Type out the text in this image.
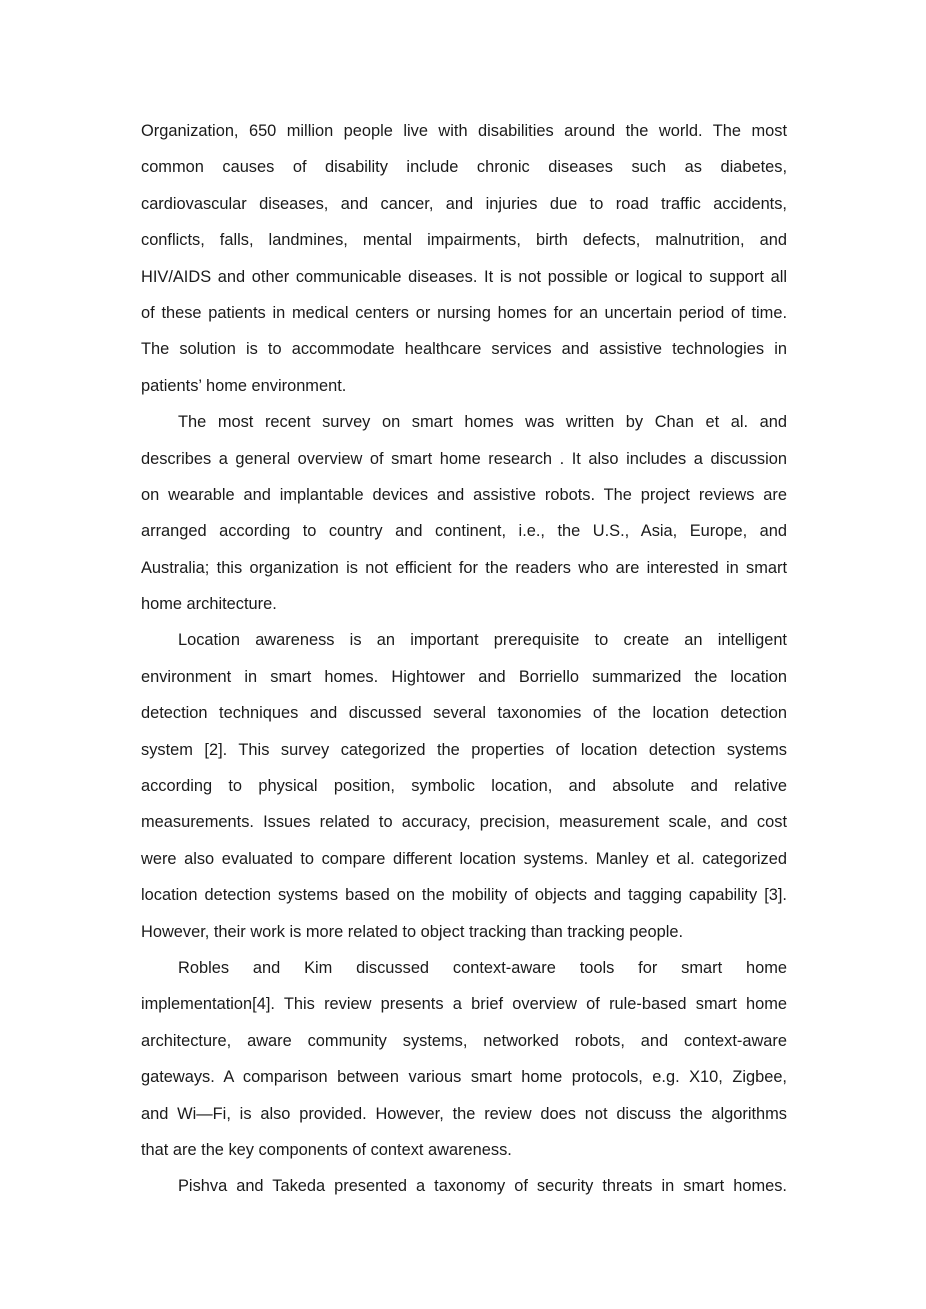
Organization, 650 million people live with disabilities around the world. The most
common causes of disability include chronic diseases such as diabetes,
cardiovascular diseases, and cancer, and injuries due to road traffic accidents,
conflicts, falls, landmines, mental impairments, birth defects, malnutrition, and
HIV/AIDS and other communicable diseases. It is not possible or logical to support all
of these patients in medical centers or nursing homes for an uncertain period of time.
The solution is to accommodate healthcare services and assistive technologies in
patients’ home environment.
The most recent survey on smart homes was written by Chan et al. and
describes a general overview of smart home research . It also includes a discussion
on wearable and implantable devices and assistive robots. The project reviews are
arranged according to country and continent, i.e., the U.S., Asia, Europe, and
Australia; this organization is not efficient for the readers who are interested in smart
home architecture.
Location awareness is an important prerequisite to create an intelligent
environment in smart homes. Hightower and Borriello summarized the location
detection techniques and discussed several taxonomies of the location detection
system [2]. This survey categorized the properties of location detection systems
according to physical position, symbolic location, and absolute and relative
measurements. Issues related to accuracy, precision, measurement scale, and cost
were also evaluated to compare different location systems. Manley et al. categorized
location detection systems based on the mobility of objects and tagging capability [3].
However, their work is more related to object tracking than tracking people.
Robles and Kim discussed context-aware tools for smart home
implementation[4]. This review presents a brief overview of rule-based smart home
architecture, aware community systems, networked robots, and context-aware
gateways. A comparison between various smart home protocols, e.g. X10, Zigbee,
and Wi—Fi, is also provided. However, the review does not discuss the algorithms
that are the key components of context awareness.
Pishva and Takeda presented a taxonomy of security threats in smart homes.
